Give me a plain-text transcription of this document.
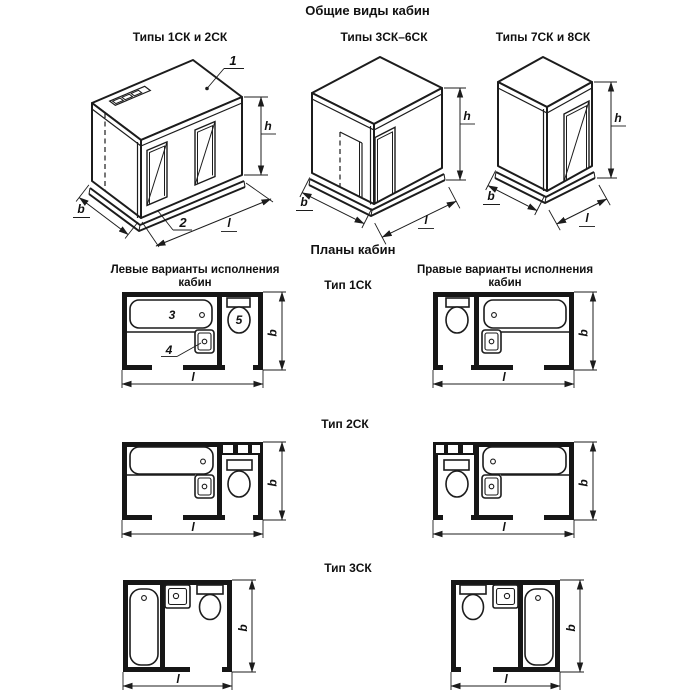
Общие виды кабин
Типы 1СК и 2СК	Типы 3СК–6СК	Типы 7СК и 8СК
Планы кабин
Левые варианты исполнения кабин
Правые варианты исполнения кабин
Тип 1СК
Тип 2СК
Тип 3СК
1
2
h
b
l
h
b
l
h
b
l
3
4
5
b
l
b
l
b
l
b
l
b
l
b
l
